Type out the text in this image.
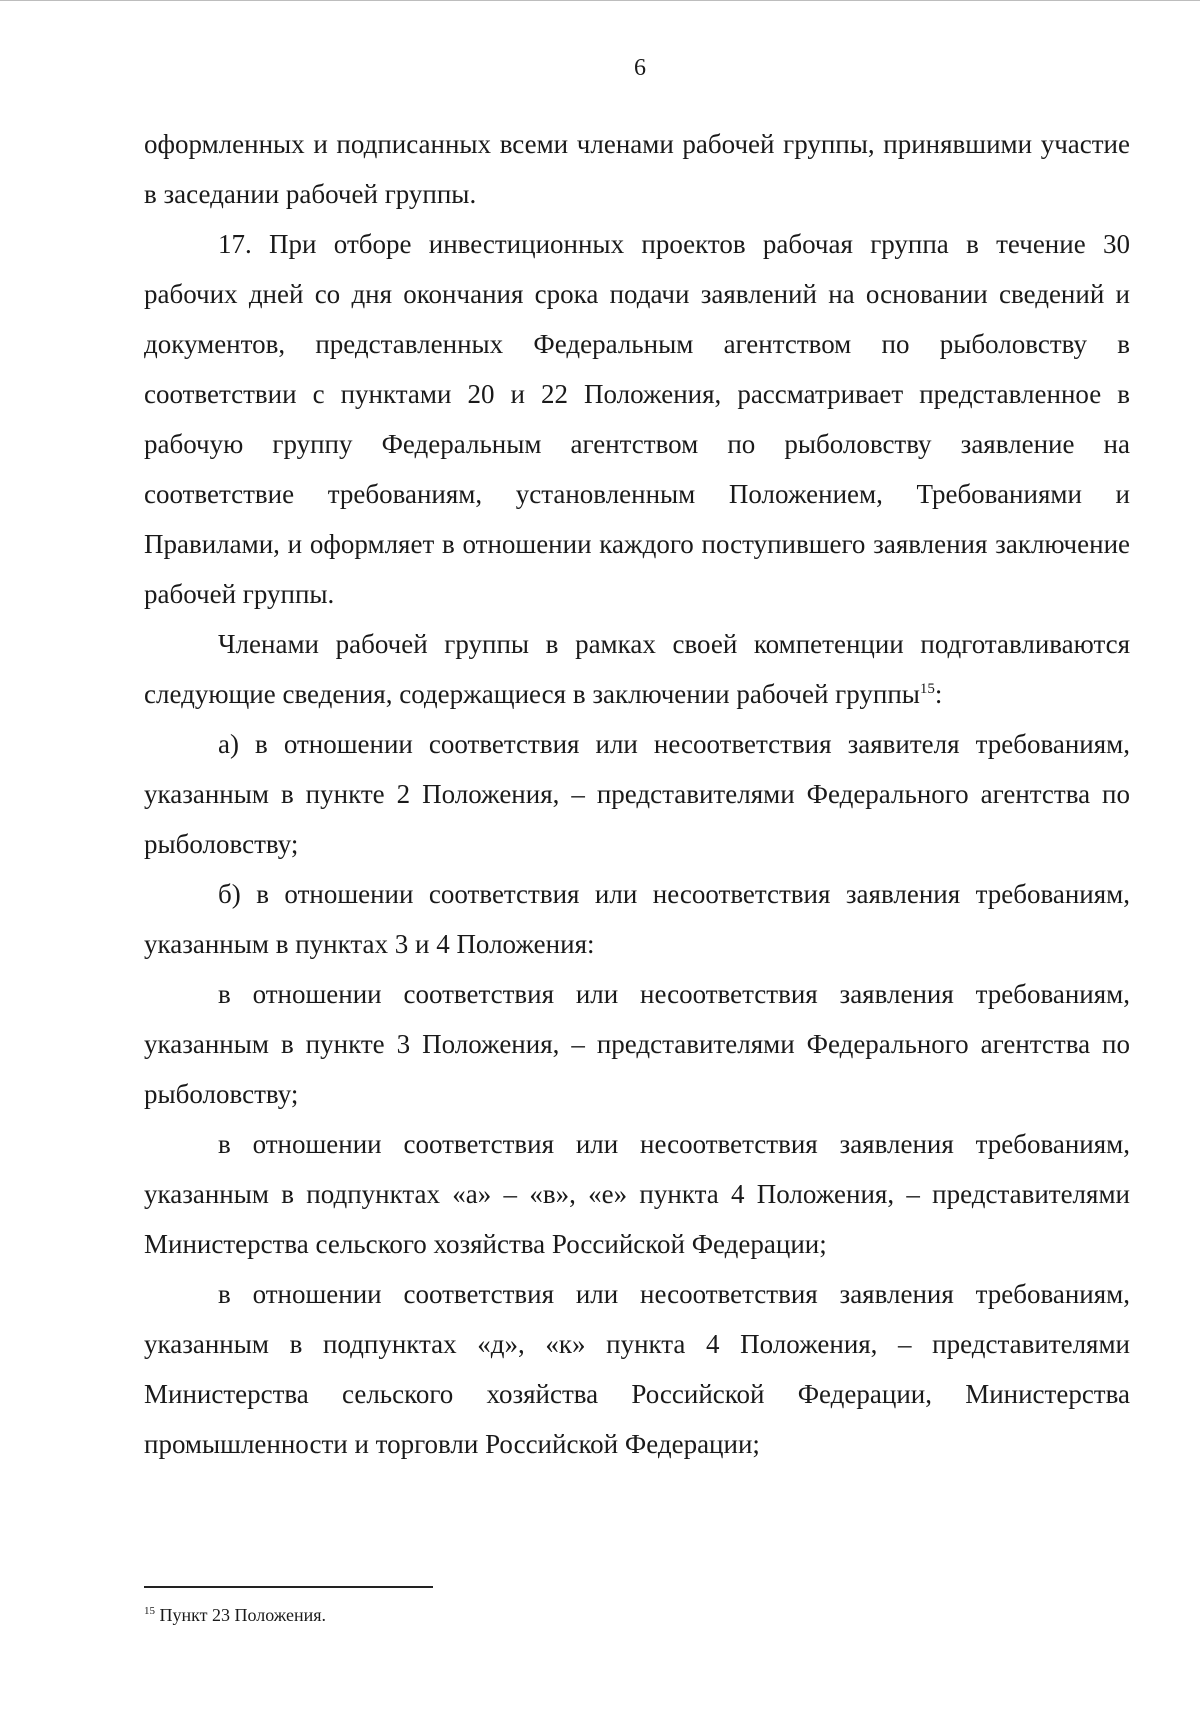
6

оформленных и подписанных всеми членами рабочей группы, принявшими участие в заседании рабочей группы.

17. При отборе инвестиционных проектов рабочая группа в течение 30 рабочих дней со дня окончания срока подачи заявлений на основании сведений и документов, представленных Федеральным агентством по рыболовству в соответствии с пунктами 20 и 22 Положения, рассматривает представленное в рабочую группу Федеральным агентством по рыболовству заявление на соответствие требованиям, установленным Положением, Требованиями и Правилами, и оформляет в отношении каждого поступившего заявления заключение рабочей группы.

Членами рабочей группы в рамках своей компетенции подготавливаются следующие сведения, содержащиеся в заключении рабочей группы$^{15}$:

а) в отношении соответствия или несоответствия заявителя требованиям, указанным в пункте 2 Положения, – представителями Федерального агентства по рыболовству;

б) в отношении соответствия или несоответствия заявления требованиям, указанным в пунктах 3 и 4 Положения:

в отношении соответствия или несоответствия заявления требованиям, указанным в пункте 3 Положения, – представителями Федерального агентства по рыболовству;

в отношении соответствия или несоответствия заявления требованиям, указанным в подпунктах «а» – «в», «е» пункта 4 Положения, – представителями Министерства сельского хозяйства Российской Федерации;

в отношении соответствия или несоответствия заявления требованиям, указанным в подпунктах «д», «к» пункта 4 Положения, – представителями Министерства сельского хозяйства Российской Федерации, Министерства промышленности и торговли Российской Федерации;

$^{15}$ Пункт 23 Положения.
